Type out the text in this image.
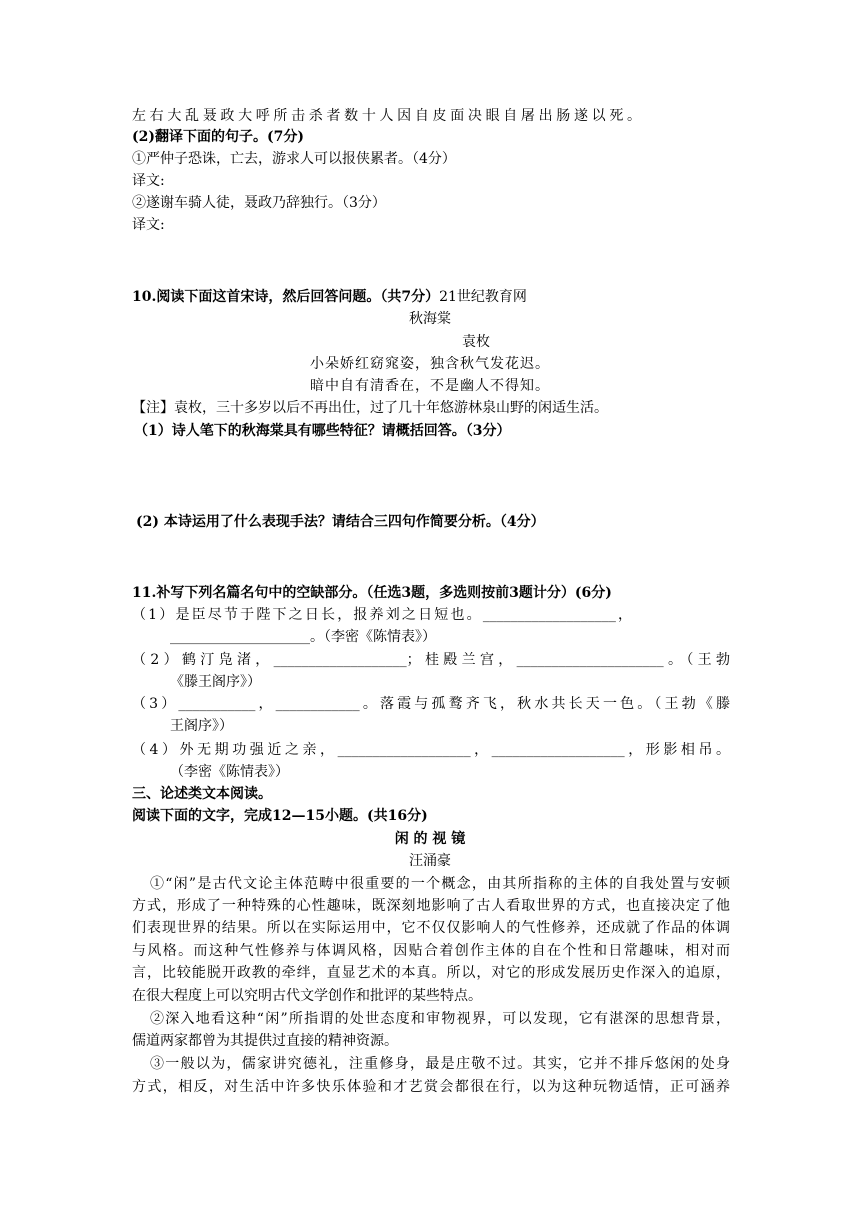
左右大乱聂政大呼所击杀者数十人因自皮面决眼自屠出肠遂以死。
(2)翻译下面的句子。(7分)
①严仲子恐诛，亡去，游求人可以报侠累者。（4分）
译文:
②遂谢车骑人徒，聂政乃辞独行。（3分）
译文:
10.阅读下面这首宋诗，然后回答问题。（共7分）21世纪教育网
秋海棠
袁枚
小朵娇红窈窕姿，独含秋气发花迟。
暗中自有清香在，不是幽人不得知。
【注】袁枚，三十多岁以后不再出仕，过了几十年悠游林泉山野的闲适生活。
（1）诗人笔下的秋海棠具有哪些特征？请概括回答。（3分）
(2) 本诗运用了什么表现手法？请结合三四句作简要分析。（4分）
11.补写下列名篇名句中的空缺部分。（任选3题，多选则按前3题计分）(6分)
（1）是臣尽节于陛下之日长，报养刘之日短也。___________________，
____________________。（李密《陈情表》）
（2）鹤汀凫渚，___________________；桂殿兰宫，_____________________。（王勃
《滕王阁序》）
（3）___________，____________。落霞与孤鹜齐飞，秋水共长天一色。（王勃《滕
王阁序》）
（4）外无期功强近之亲，___________________，___________________，形影相吊。
（李密《陈情表》）
三、论述类文本阅读。
阅读下面的文字，完成12—15小题。(共16分)
闲 的 视 镜
汪涌豪
①“闲”是古代文论主体范畴中很重要的一个概念，由其所指称的主体的自我处置与安顿
方式，形成了一种特殊的心性趣味，既深刻地影响了古人看取世界的方式，也直接决定了他
们表现世界的结果。所以在实际运用中，它不仅仅影响人的气性修养，还成就了作品的体调
与风格。而这种气性修养与体调风格，因贴合着创作主体的自在个性和日常趣味，相对而
言，比较能脱开政教的牵绊，直显艺术的本真。所以，对它的形成发展历史作深入的追原，
在很大程度上可以究明古代文学创作和批评的某些特点。
②深入地看这种“闲”所指谓的处世态度和审物视界，可以发现，它有湛深的思想背景，
儒道两家都曾为其提供过直接的精神资源。
③一般以为，儒家讲究德礼，注重修身，最是庄敬不过。其实，它并不排斥悠闲的处身
方式，相反，对生活中许多快乐体验和才艺赏会都很在行，以为这种玩物适情，正可涵养
